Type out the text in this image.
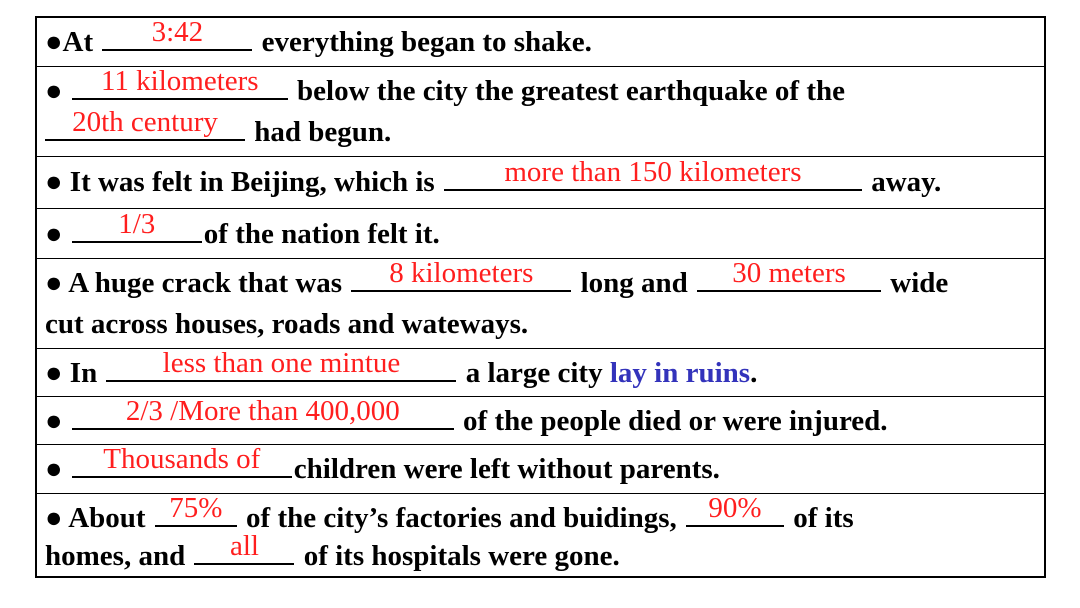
●At 3:42 everything began to shake.
● 11 kilometers below the city the greatest earthquake of the
20th century had begun.
● It was felt in Beijing, which is more than 150 kilometers away.
● 1/3 of the nation felt it.
● A huge crack that was 8 kilometers long and 30 meters wide
cut across houses, roads and wateways.
● In less than one mintue a large city lay in ruins.
● 2/3 /More than 400,000 of the people died or were injured.
● Thousands of children were left without parents.
● About 75% of the city’s factories and buidings, 90% of its
homes, and all of its hospitals were gone.
